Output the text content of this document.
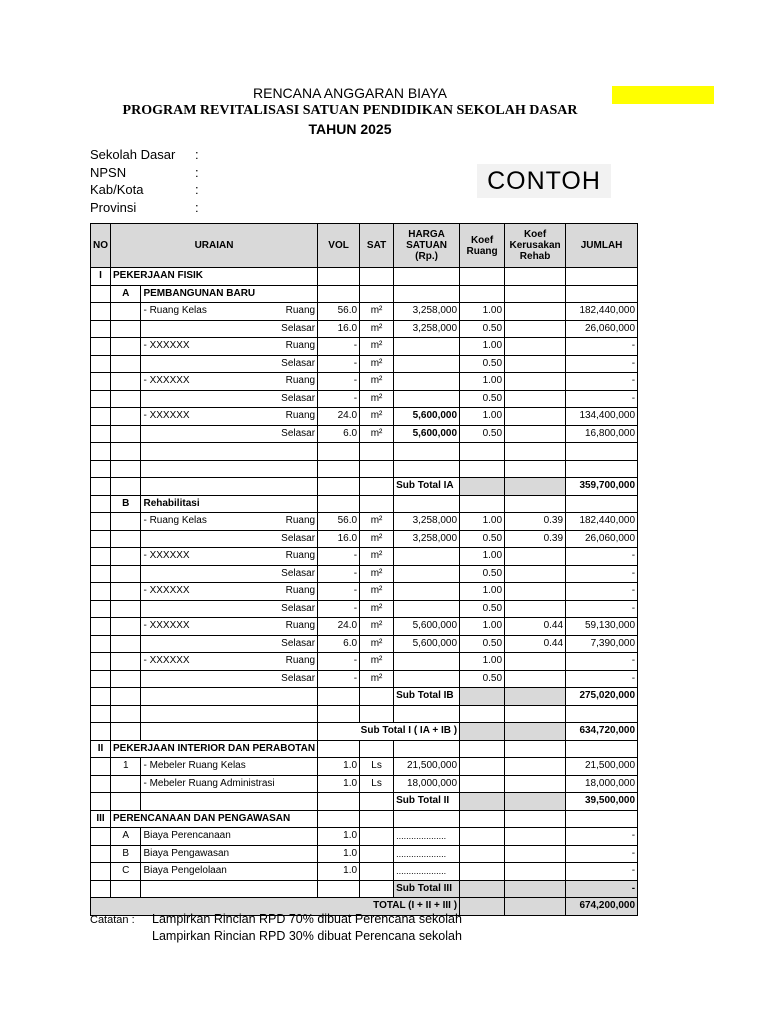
RENCANA ANGGARAN BIAYA
PROGRAM REVITALISASI SATUAN PENDIDIKAN SEKOLAH DASAR
TAHUN 2025
Sekolah Dasar :
NPSN	:
Kab/Kota	:
Provinsi	:
CONTOH
NO	URAIAN			VOL	SAT	HARGA SATUAN (Rp.)	Koef Ruang	Koef Kerusakan Rehab	JUMLAH
I	PEKERJAAN FISIK								
	A	PEMBANGUNAN BARU							
		- Ruang Kelas	Ruang	56.0	m²	3,258,000	1.00		182,440,000
			Selasar	16.0	m²	3,258,000	0.50		26,060,000
		- XXXXXX	Ruang	-	m²		1.00		-
			Selasar	-	m²		0.50		-
		- XXXXXX	Ruang	-	m²		1.00		-
			Selasar	-	m²		0.50		-
		- XXXXXX	Ruang	24.0	m²	5,600,000	1.00		134,400,000
			Selasar	6.0	m²	5,600,000	0.50		16,800,000

						Sub Total IA			359,700,000
	B	Rehabilitasi							
		- Ruang Kelas	Ruang	56.0	m²	3,258,000	1.00	0.39	182,440,000
			Selasar	16.0	m²	3,258,000	0.50	0.39	26,060,000
		- XXXXXX	Ruang	-	m²		1.00		-
			Selasar	-	m²		0.50		-
		- XXXXXX	Ruang	-	m²		1.00		-
			Selasar	-	m²		0.50		-
		- XXXXXX	Ruang	24.0	m²	5,600,000	1.00	0.44	59,130,000
			Selasar	6.0	m²	5,600,000	0.50	0.44	7,390,000
		- XXXXXX	Ruang	-	m²		1.00		-
			Selasar	-	m²		0.50		-
						Sub Total IB			275,020,000

				Sub Total I ( IA + IB )					634,720,000
II	PEKERJAAN INTERIOR DAN PERABOTAN								
	1	- Mebeler Ruang Kelas		1.0	Ls	21,500,000			21,500,000
		- Mebeler Ruang Administrasi		1.0	Ls	18,000,000			18,000,000
						Sub Total II			39,500,000
III	PERENCANAAN DAN PENGAWASAN								
	A	Biaya Perencanaan		1.0		....................			-
	B	Biaya Pengawasan		1.0		....................			-
	C	Biaya Pengelolaan		1.0		....................			-
						Sub Total III			-
TOTAL (I + II + III )									674,200,000
Catatan : Lampirkan Rincian RPD 70% dibuat Perencana sekolah
Lampirkan Rincian RPD 30% dibuat Perencana sekolah
